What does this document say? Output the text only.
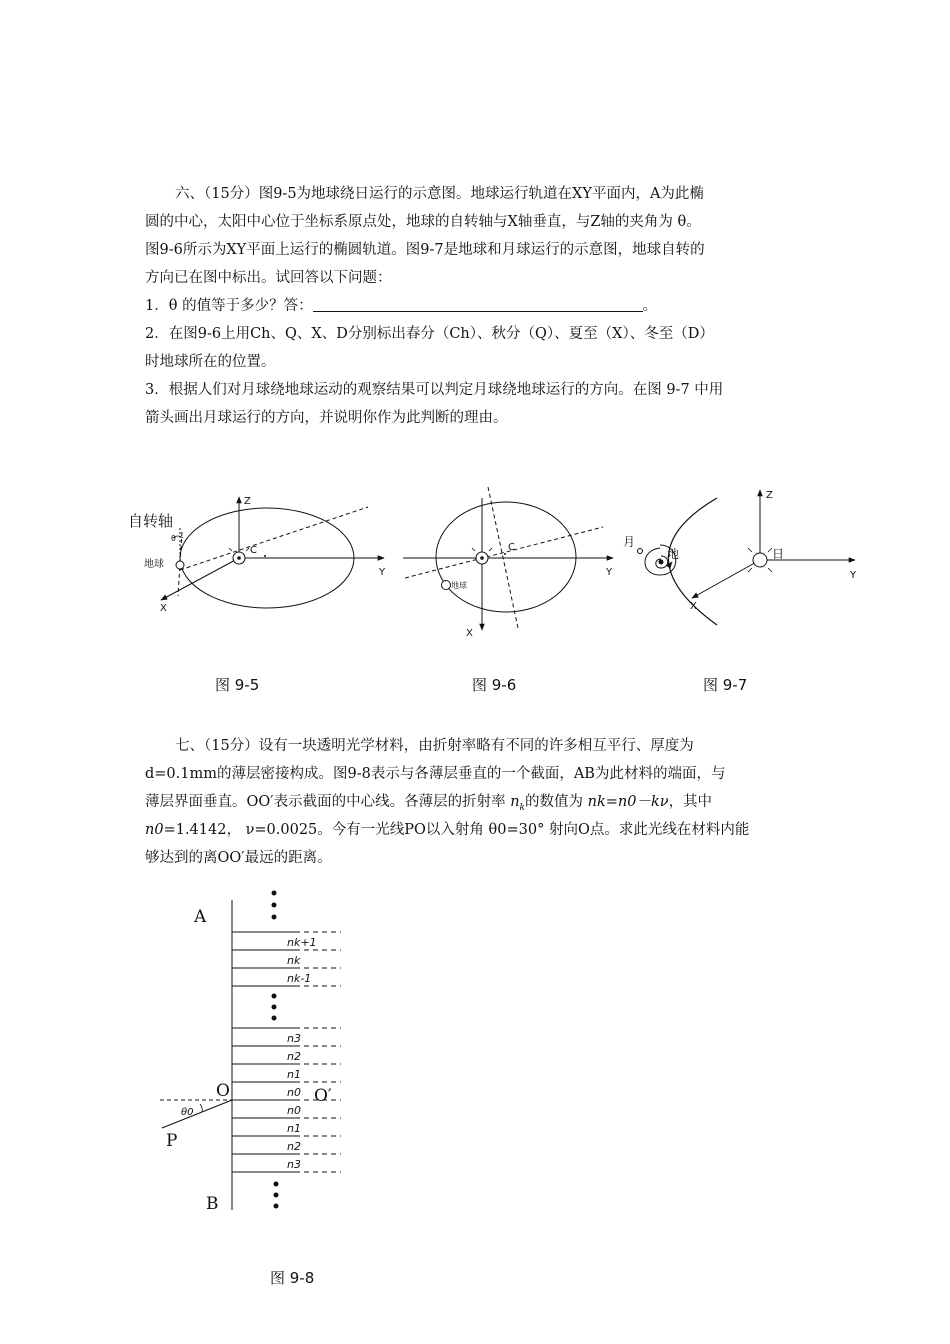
六、（15分）图9-5为地球绕日运行的示意图。地球运行轨道在XY平面内，A为此椭
圆的中心，太阳中心位于坐标系原点处，地球的自转轴与X轴垂直，与Z轴的夹角为 θ。
图9-6所示为XY平面上运行的椭圆轨道。图9-7是地球和月球运行的示意图，地球自转的
方向已在图中标出。试回答以下问题：
1．θ 的值等于多少？答：	。
2．在图9-6上用Ch、Q、X、D分别标出春分（Ch）、秋分（Q）、夏至（X）、冬至（D）
时地球所在的位置。
3．根据人们对月球绕地球运动的观察结果可以判定月球绕地球运行的方向。在图 9-7 中用
箭头画出月球运行的方向，并说明你作为此判断的理由。
自转轴
θ
地球
Z
Y
X
C	C
地球
Y
X
月
地	日
Z
Y
X
图 9-5	图 9-6	图 9-7
七、（15分）设有一块透明光学材料，由折射率略有不同的许多相互平行、厚度为
d=0.1mm的薄层密接构成。图9-8表示与各薄层垂直的一个截面，AB为此材料的端面，与
薄层界面垂直。OO′表示截面的中心线。各薄层的折射率 $n_k$的数值为 nk=n0－kν，其中
n0=1.4142， ν=0.0025。今有一光线PO以入射角 θ0=30° 射向O点。求此光线在材料内能
够达到的离OO′最远的距离。
A
B
O	O′
P
θ0
nk+1
nk
nk-1
n3
n2
n1
n0
n0
n1
n2
n3
图 9-8
